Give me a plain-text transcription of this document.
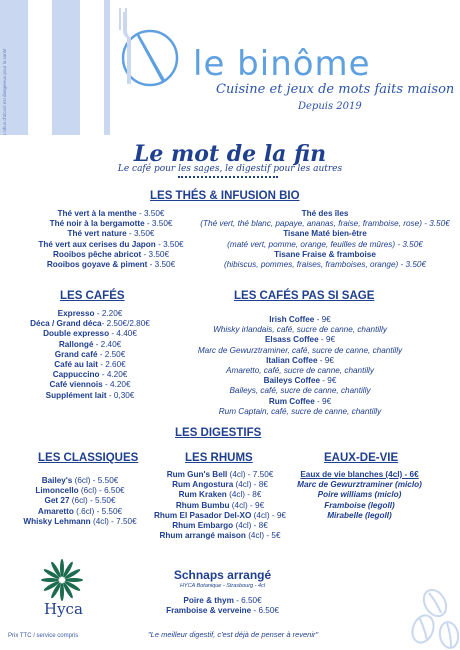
L'abus d'alcool est dangereux pour la santé	le binôme
Cuisine et jeux de mots faits maison
Depuis 2019
Le mot de la fin
Le café pour les sages, le digestif pour les autres
LES THÉS & INFUSION BIO
Thé vert à la menthe - 3.50€
Thé noir à la bergamotte - 3.50€
Thé vert nature - 3.50€
Thé vert aux cerises du Japon - 3.50€
Rooibos pêche abricot - 3.50€
Rooibos goyave & piment - 3.50€
Thé des îles
(Thé vert, thé blanc, papaye, ananas, fraise, framboise, rose) - 3.50€
Tisane Maté bien-être
(maté vert, pomme, orange, feuilles de mûres) - 3.50€
Tisane Fraise & framboise
(hibiscus, pommes, fraises, framboises, orange) - 3.50€
LES CAFÉS
Expresso - 2.20€
Déca / Grand déca- 2.50€/2.80€
Double expresso - 4.40€
Rallongé - 2.40€
Grand café - 2.50€
Café au lait - 2.60€
Cappuccino - 4.20€
Café viennois - 4.20€
Supplément lait - 0,30€
LES CAFÉS PAS SI SAGE
Irish Coffee - 9€
Whisky irlandais, café, sucre de canne, chantilly
Elsass Coffee - 9€
Marc de Gewurztraminer, café, sucre de canne, chantilly
Italian Coffee - 9€
Amaretto, café, sucre de canne, chantilly
Baileys Coffee - 9€
Baileys, café, sucre de canne, chantilly
Rum Coffee - 9€
Rum Captain, café, sucre de canne, chantilly
LES DIGESTIFS
LES CLASSIQUES
Bailey's (6cl) - 5.50€
Limoncello (6cl) - 6.50€
Get 27 (6cl) - 5.50€
Amaretto (.6cl) - 5.50€
Whisky Lehmann (4cl) - 7.50€
LES RHUMS
Rum Gun's Bell (4cl) - 7.50€
Rum Angostura (4cl) - 8€
Rum Kraken (4cl) - 8€
Rhum Bumbu (4cl) - 9€
Rhum El Pasador Del-XO (4cl) - 9€
Rhum Embargo (4cl) - 8€
Rhum arrangé maison (4cl) - 5€
EAUX-DE-VIE
Eaux de vie blanches (4cl) - 6€
Marc de Gewurztraminer (miclo)
Poire williams (miclo)
Framboise (legoll)
Mirabelle (legoll)
Schnaps arrangé
HYCA Botanique - Strasbourg - 4cl
Poire & thym - 6.50€
Framboise & verveine - 6.50€
Hyca
Prix TTC / service compris	"Le meilleur digestif, c'est déjà de penser à revenir"
